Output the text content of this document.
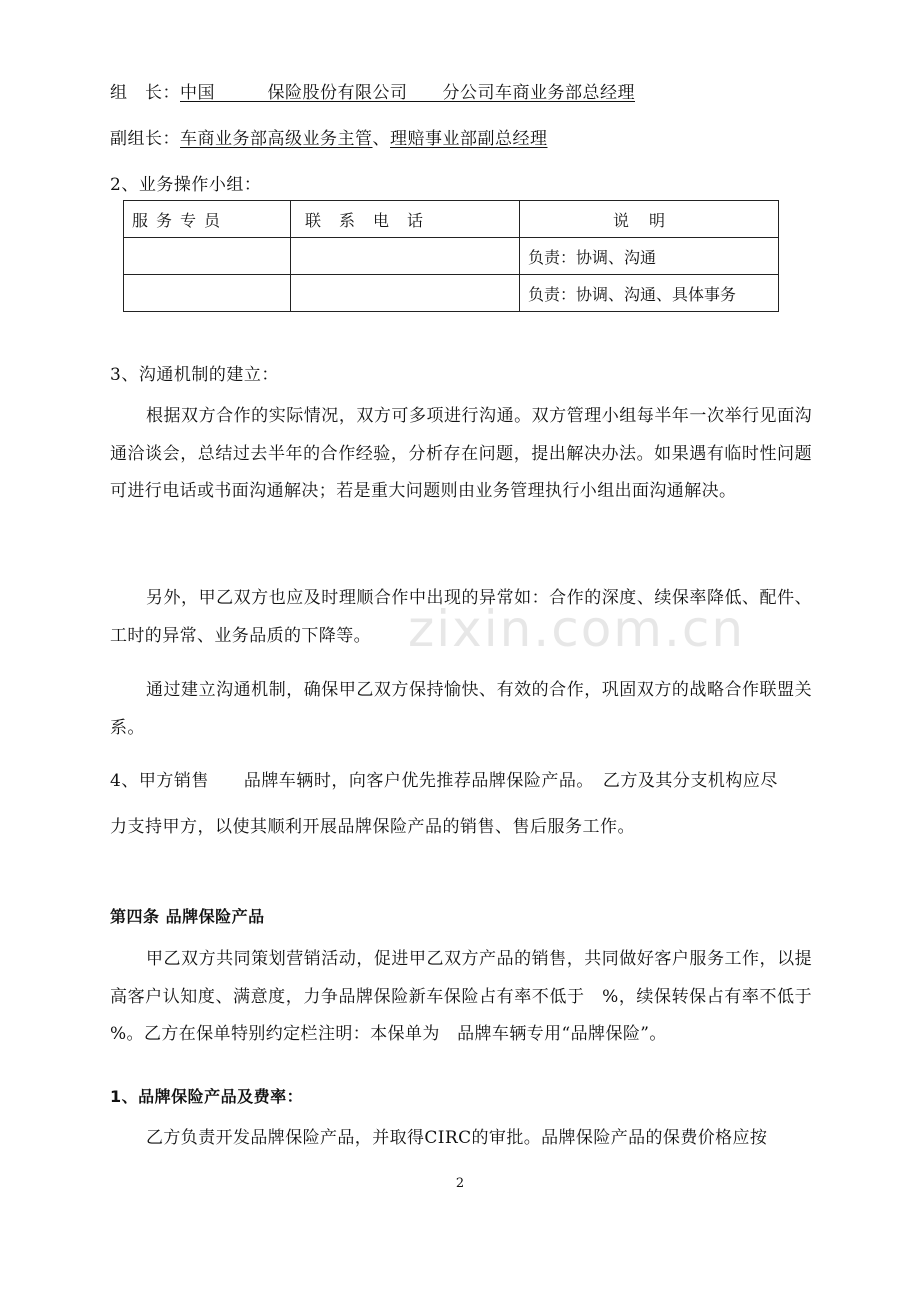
组　长：中国　　　保险股份有限公司　　分公司车商业务部总经理
副组长：车商业务部高级业务主管、理赔事业部副总经理
2、业务操作小组：
服务专员	联系电话	说明
		负责：协调、沟通
		负责：协调、沟通、具体事务
3、沟通机制的建立：
根据双方合作的实际情况，双方可多项进行沟通。双方管理小组每半年一次举行见面沟通洽谈会，总结过去半年的合作经验，分析存在问题，提出解决办法。如果遇有临时性问题可进行电话或书面沟通解决；若是重大问题则由业务管理执行小组出面沟通解决。
另外，甲乙双方也应及时理顺合作中出现的异常如：合作的深度、续保率降低、配件、工时的异常、业务品质的下降等。
通过建立沟通机制，确保甲乙双方保持愉快、有效的合作，巩固双方的战略合作联盟关系。
4、甲方销售　　品牌车辆时，向客户优先推荐品牌保险产品。　乙方及其分支机构应尽
力支持甲方，以使其顺利开展品牌保险产品的销售、售后服务工作。
第四条 品牌保险产品
甲乙双方共同策划营销活动，促进甲乙双方产品的销售，共同做好客户服务工作，以提高客户认知度、满意度，力争品牌保险新车保险占有率不低于　%，续保转保占有率不低于　%。乙方在保单特别约定栏注明：本保单为　品牌车辆专用“品牌保险”。
1、品牌保险产品及费率：
乙方负责开发品牌保险产品，并取得CIRC的审批。品牌保险产品的保费价格应按
zixin.com.cn
2
